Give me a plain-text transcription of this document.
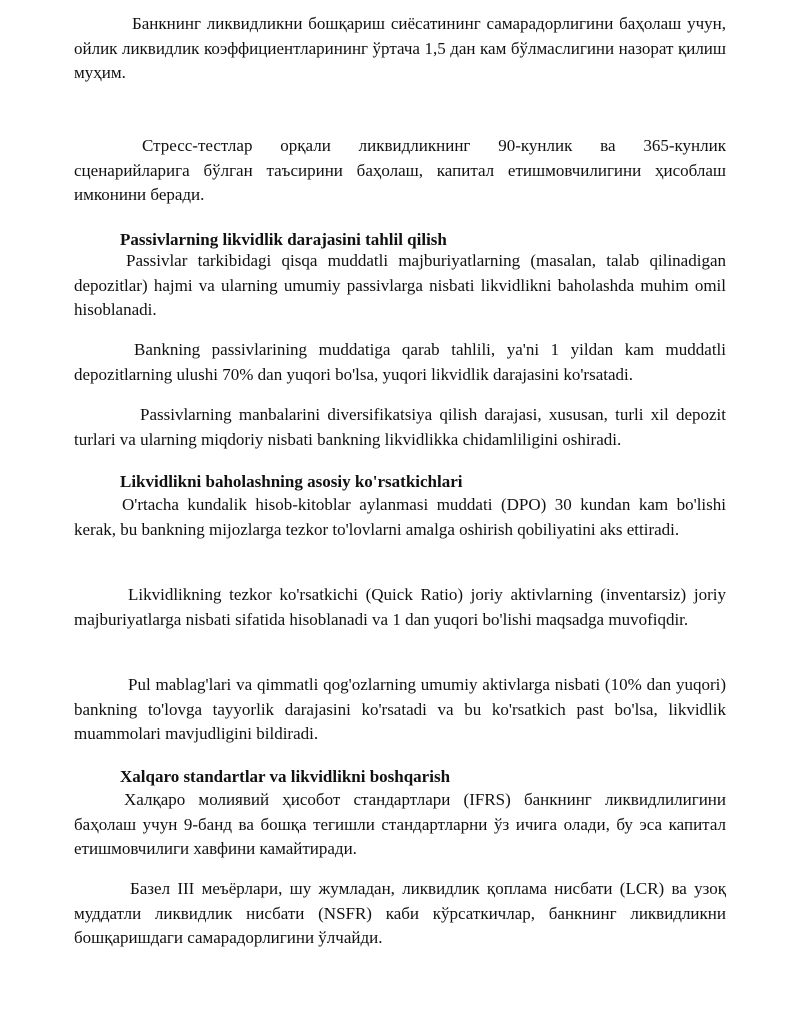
Банкнинг ликвидликни бошқариш сиёсатининг самарадорлигини баҳолаш учун, ойлик ликвидлик коэффициентларининг ўртача 1,5 дан кам бўлмаслигини назорат қилиш муҳим.

Стресс-тестлар орқали ликвидликнинг 90-кунлик ва 365-кунлик сценарийларига бўлган таъсирини баҳолаш, капитал етишмовчилигини ҳисоблаш имконини беради.

Passivlarning likvidlik darajasini tahlil qilish

Passivlar tarkibidagi qisqa muddatli majburiyatlarning (masalan, talab qilinadigan depozitlar) hajmi va ularning umumiy passivlarga nisbati likvidlikni baholashda muhim omil hisoblanadi.

Bankning passivlarining muddatiga qarab tahlili, ya'ni 1 yildan kam muddatli depozitlarning ulushi 70% dan yuqori bo'lsa, yuqori likvidlik darajasini ko'rsatadi.

Passivlarning manbalarini diversifikatsiya qilish darajasi, xususan, turli xil depozit turlari va ularning miqdoriy nisbati bankning likvidlikka chidamliligini oshiradi.

Likvidlikni baholashning asosiy ko'rsatkichlari

O'rtacha kundalik hisob-kitoblar aylanmasi muddati (DPO) 30 kundan kam bo'lishi kerak, bu bankning mijozlarga tezkor to'lovlarni amalga oshirish qobiliyatini aks ettiradi.

Likvidlikning tezkor ko'rsatkichi (Quick Ratio) joriy aktivlarning (inventarsiz) joriy majburiyatlarga nisbati sifatida hisoblanadi va 1 dan yuqori bo'lishi maqsadga muvofiqdir.

Pul mablag'lari va qimmatli qog'ozlarning umumiy aktivlarga nisbati (10% dan yuqori) bankning to'lovga tayyorlik darajasini ko'rsatadi va bu ko'rsatkich past bo'lsa, likvidlik muammolari mavjudligini bildiradi.

Xalqaro standartlar va likvidlikni boshqarish

Халқаро молиявий ҳисобот стандартлари (IFRS) банкнинг ликвидлилигини баҳолаш учун 9-банд ва бошқа тегишли стандартларни ўз ичига олади, бу эса капитал етишмовчилиги хавфини камайтиради.

Базел III меъёрлари, шу жумладан, ликвидлик қоплама нисбати (LCR) ва узоқ муддатли ликвидлик нисбати (NSFR) каби кўрсаткичлар, банкнинг ликвидликни бошқаришдаги самарадорлигини ўлчайди.
